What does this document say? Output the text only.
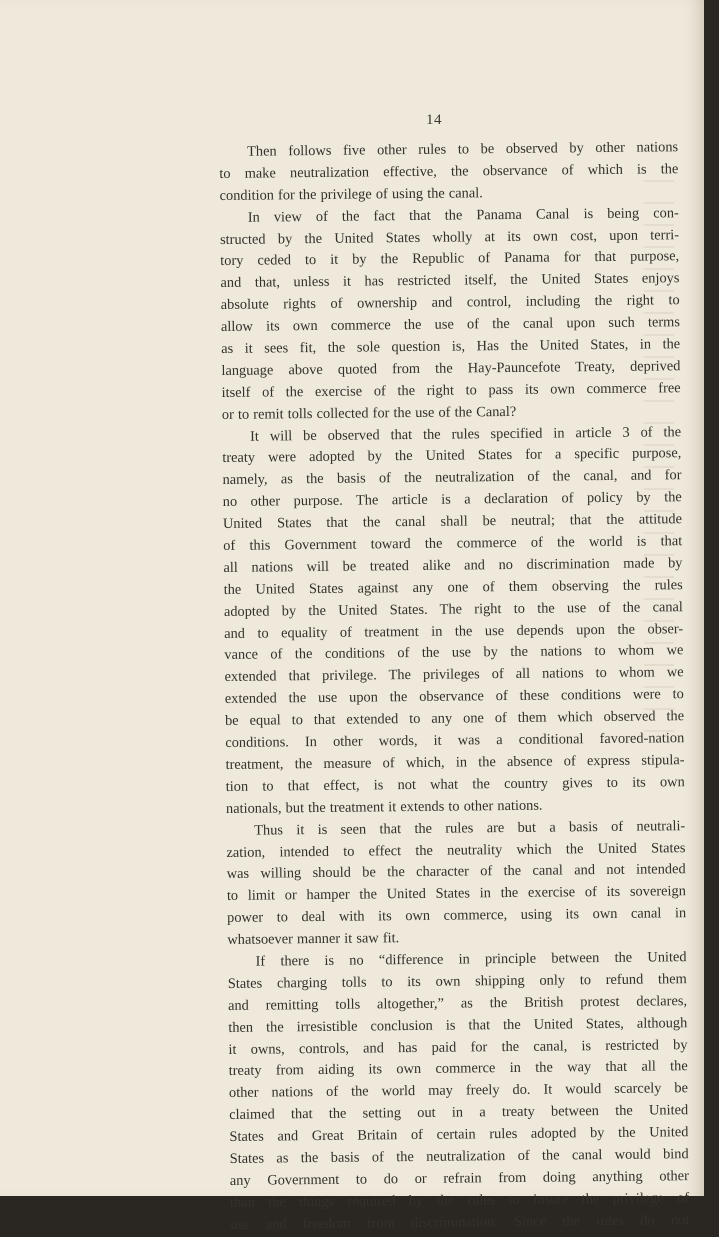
14
Then follows five other rules to be observed by other nations
to make neutralization effective, the observance of which is the
condition for the privilege of using the canal.
In view of the fact that the Panama Canal is being con-
structed by the United States wholly at its own cost, upon terri-
tory ceded to it by the Republic of Panama for that purpose,
and that, unless it has restricted itself, the United States enjoys
absolute rights of ownership and control, including the right to
allow its own commerce the use of the canal upon such terms
as it sees fit, the sole question is, Has the United States, in the
language above quoted from the Hay-Pauncefote Treaty, deprived
itself of the exercise of the right to pass its own commerce free
or to remit tolls collected for the use of the Canal?
It will be observed that the rules specified in article 3 of the
treaty were adopted by the United States for a specific purpose,
namely, as the basis of the neutralization of the canal, and for
no other purpose. The article is a declaration of policy by the
United States that the canal shall be neutral; that the attitude
of this Government toward the commerce of the world is that
all nations will be treated alike and no discrimination made by
the United States against any one of them observing the rules
adopted by the United States. The right to the use of the canal
and to equality of treatment in the use depends upon the obser-
vance of the conditions of the use by the nations to whom we
extended that privilege. The privileges of all nations to whom we
extended the use upon the observance of these conditions were to
be equal to that extended to any one of them which observed the
conditions. In other words, it was a conditional favored-nation
treatment, the measure of which, in the absence of express stipula-
tion to that effect, is not what the country gives to its own
nationals, but the treatment it extends to other nations.
Thus it is seen that the rules are but a basis of neutrali-
zation, intended to effect the neutrality which the United States
was willing should be the character of the canal and not intended
to limit or hamper the United States in the exercise of its sovereign
power to deal with its own commerce, using its own canal in
whatsoever manner it saw fit.
If there is no “difference in principle between the United
States charging tolls to its own shipping only to refund them
and remitting tolls altogether,” as the British protest declares,
then the irresistible conclusion is that the United States, although
it owns, controls, and has paid for the canal, is restricted by
treaty from aiding its own commerce in the way that all the
other nations of the world may freely do. It would scarcely be
claimed that the setting out in a treaty between the United
States and Great Britain of certain rules adopted by the United
States as the basis of the neutralization of the canal would bind
any Government to do or refrain from doing anything other
than the things required by the rules to insure the privilege of
use and freedom from discrimination. Since the rules do not
